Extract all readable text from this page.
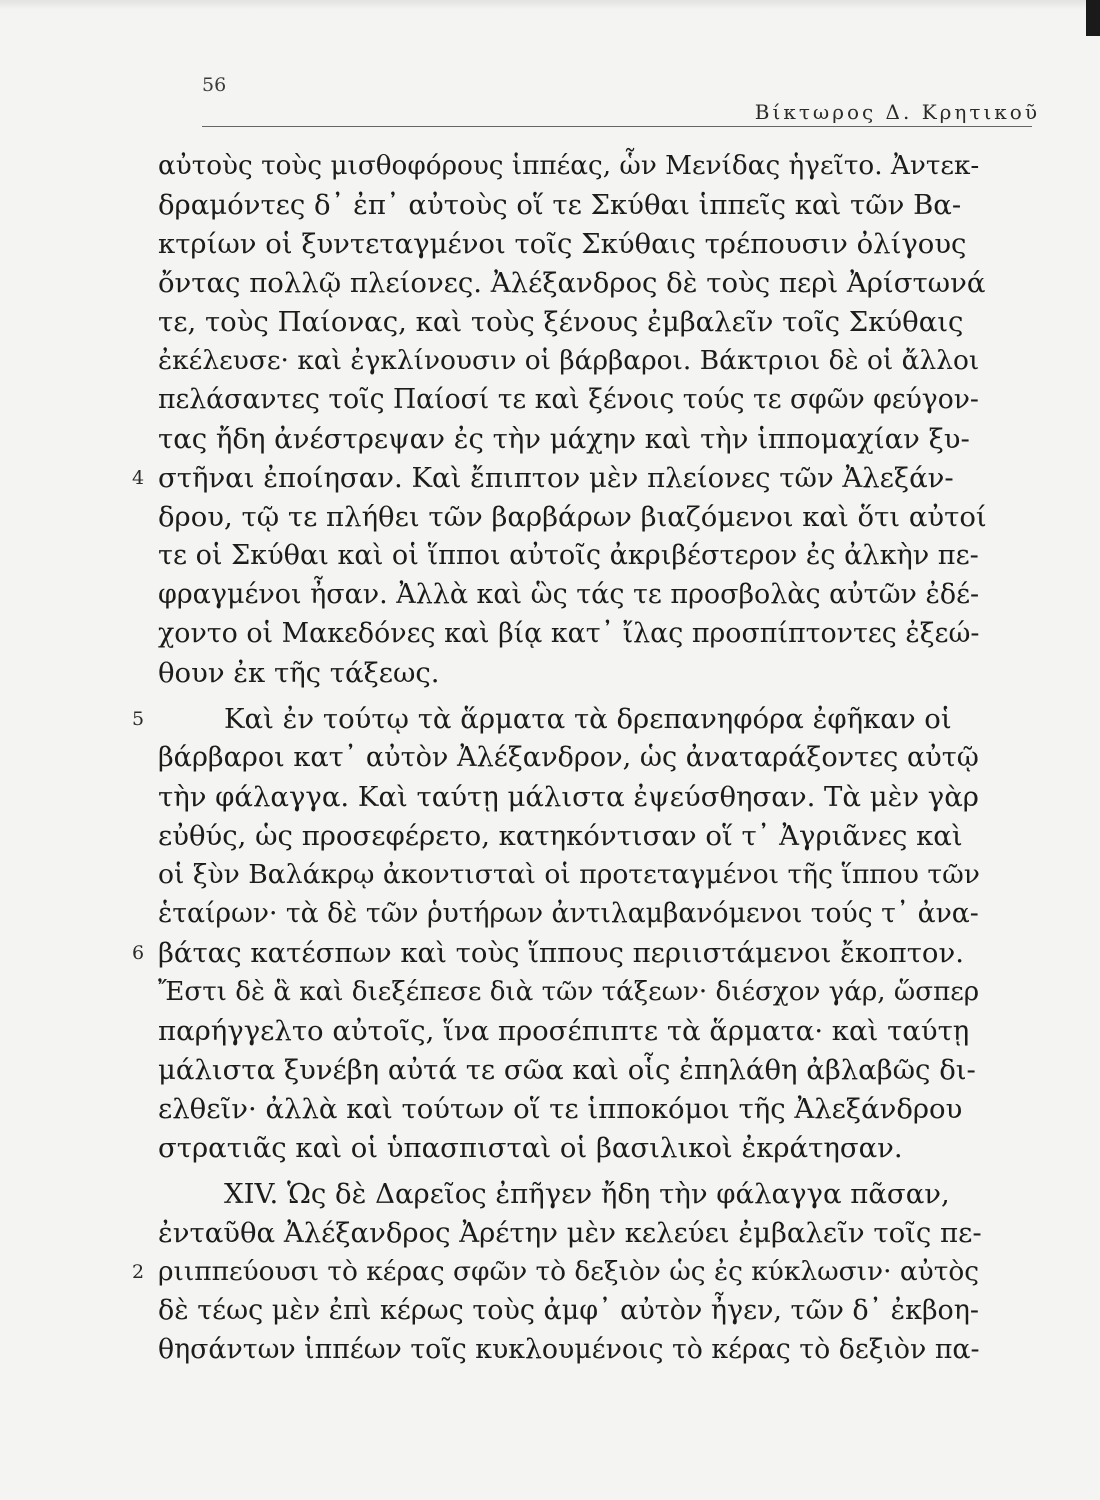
56
Βίκτωρος Δ. Κρητικοῦ
αὐτοὺς τοὺς μισθοφόρους ἱππέας, ὧν Μενίδας ἡγεῖτο. Ἀντεκ-
δραμόντες δ᾽ ἐπ᾽ αὐτοὺς οἵ τε Σκύθαι ἱππεῖς καὶ τῶν Βα-
κτρίων οἱ ξυντεταγμένοι τοῖς Σκύθαις τρέπουσιν ὀλίγους
ὄντας πολλῷ πλείονες. Ἀλέξανδρος δὲ τοὺς περὶ Ἀρίστωνά
τε, τοὺς Παίονας, καὶ τοὺς ξένους ἐμβαλεῖν τοῖς Σκύθαις
ἐκέλευσε· καὶ ἐγκλίνουσιν οἱ βάρβαροι. Βάκτριοι δὲ οἱ ἄλλοι
πελάσαντες τοῖς Παίοσί τε καὶ ξένοις τούς τε σφῶν φεύγον-
τας ἤδη ἀνέστρεψαν ἐς τὴν μάχην καὶ τὴν ἱππομαχίαν ξυ-
4 στῆναι ἐποίησαν. Καὶ ἔπιπτον μὲν πλείονες τῶν Ἀλεξάν-
δρου, τῷ τε πλήθει τῶν βαρβάρων βιαζόμενοι καὶ ὅτι αὐτοί
τε οἱ Σκύθαι καὶ οἱ ἵπποι αὐτοῖς ἀκριβέστερον ἐς ἀλκὴν πε-
φραγμένοι ἦσαν. Ἀλλὰ καὶ ὣς τάς τε προσβολὰς αὐτῶν ἐδέ-
χοντο οἱ Μακεδόνες καὶ βίᾳ κατ᾽ ἴλας προσπίπτοντες ἐξεώ-
θουν ἐκ τῆς τάξεως.
5	Καὶ ἐν τούτῳ τὰ ἅρματα τὰ δρεπανηφόρα ἐφῆκαν οἱ
βάρβαροι κατ᾽ αὐτὸν Ἀλέξανδρον, ὡς ἀναταράξοντες αὐτῷ
τὴν φάλαγγα. Καὶ ταύτῃ μάλιστα ἐψεύσθησαν. Τὰ μὲν γὰρ
εὐθύς, ὡς προσεφέρετο, κατηκόντισαν οἵ τ᾽ Ἀγριᾶνες καὶ
οἱ ξὺν Βαλάκρῳ ἀκοντισταὶ οἱ προτεταγμένοι τῆς ἵππου τῶν
ἑταίρων· τὰ δὲ τῶν ῥυτήρων ἀντιλαμβανόμενοι τούς τ᾽ ἀνα-
6 βάτας κατέσπων καὶ τοὺς ἵππους περιιστάμενοι ἔκοπτον.
Ἔστι δὲ ἃ καὶ διεξέπεσε διὰ τῶν τάξεων· διέσχον γάρ, ὥσπερ
παρήγγελτο αὐτοῖς, ἵνα προσέπιπτε τὰ ἅρματα· καὶ ταύτῃ
μάλιστα ξυνέβη αὐτά τε σῶα καὶ οἷς ἐπηλάθη ἀβλαβῶς δι-
ελθεῖν· ἀλλὰ καὶ τούτων οἵ τε ἱπποκόμοι τῆς Ἀλεξάνδρου
στρατιᾶς καὶ οἱ ὑπασπισταὶ οἱ βασιλικοὶ ἐκράτησαν.
XIV. Ὡς δὲ Δαρεῖος ἐπῆγεν ἤδη τὴν φάλαγγα πᾶσαν,
ἐνταῦθα Ἀλέξανδρος Ἀρέτην μὲν κελεύει ἐμβαλεῖν τοῖς πε-
2 ριιππεύουσι τὸ κέρας σφῶν τὸ δεξιὸν ὡς ἐς κύκλωσιν· αὐτὸς
δὲ τέως μὲν ἐπὶ κέρως τοὺς ἀμφ᾽ αὐτὸν ἦγεν, τῶν δ᾽ ἐκβοη-
θησάντων ἱππέων τοῖς κυκλουμένοις τὸ κέρας τὸ δεξιὸν πα-
